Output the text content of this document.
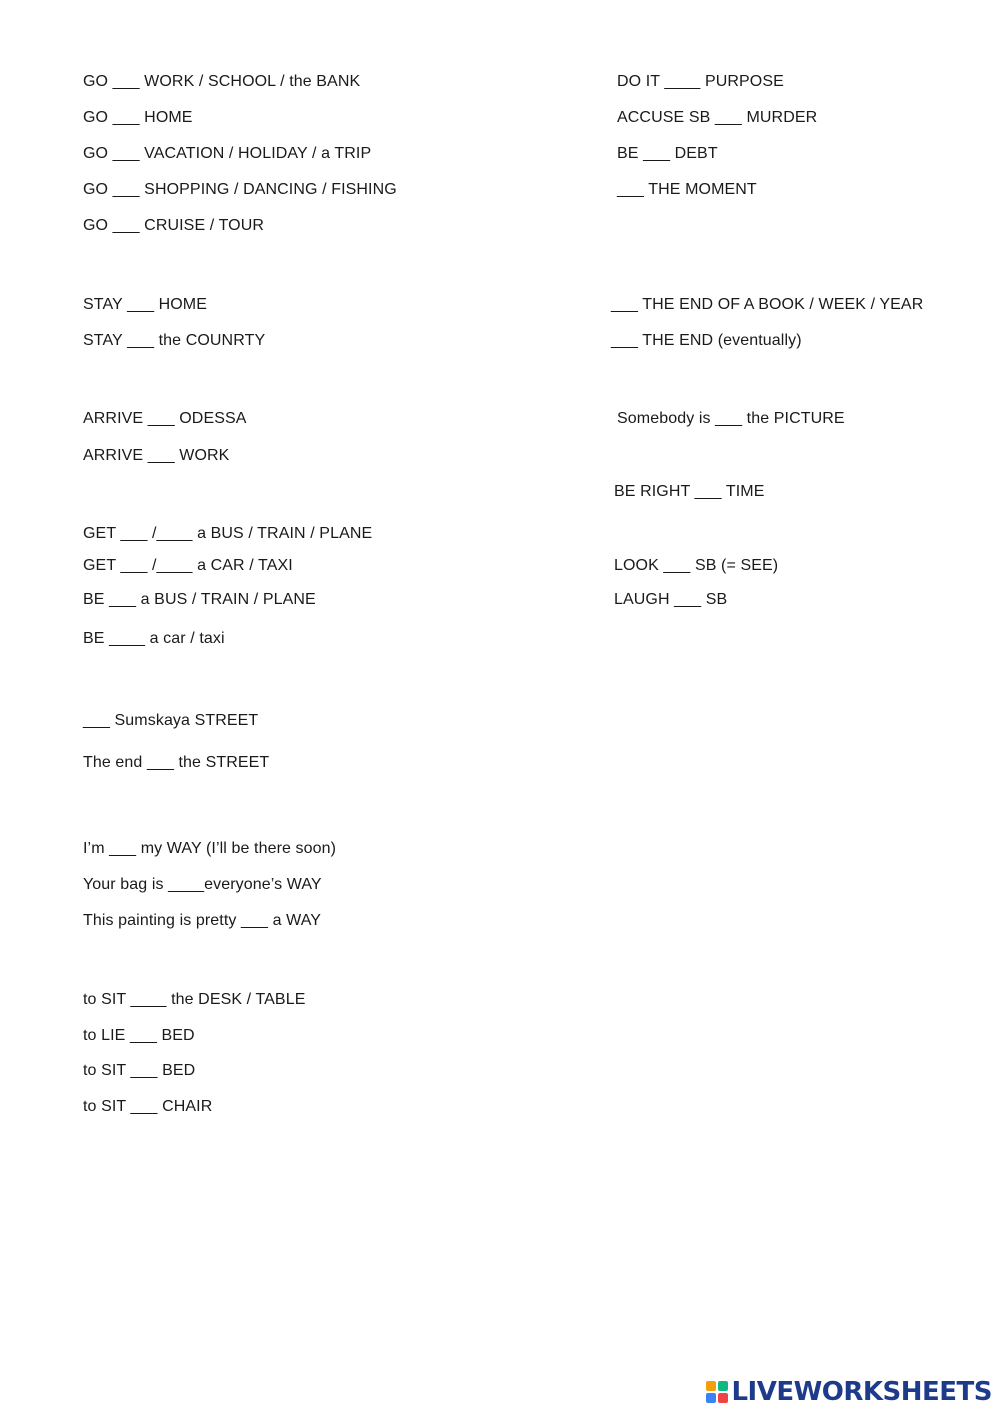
GO ___ WORK / SCHOOL / the BANK
GO ___ HOME
GO ___ VACATION / HOLIDAY / a TRIP
GO ___ SHOPPING / DANCING / FISHING
GO ___ CRUISE / TOUR
STAY ___ HOME
STAY ___ the COUNRTY
ARRIVE ___ ODESSA
ARRIVE ___ WORK
GET ___ /____ a BUS / TRAIN / PLANE
GET ___ /____ a CAR / TAXI
BE ___ a BUS / TRAIN / PLANE
BE ____ a car / taxi
___ Sumskaya STREET
The end ___ the STREET
I’m ___ my WAY (I’ll be there soon)
Your bag is ____everyone’s WAY
This painting is pretty ___ a WAY
to SIT ____ the DESK / TABLE
to LIE ___ BED
to SIT ___ BED
to SIT ___ CHAIR
DO IT ____ PURPOSE
ACCUSE SB ___ MURDER
BE ___ DEBT
___ THE MOMENT
___ THE END OF A BOOK / WEEK / YEAR
___ THE END (eventually)
Somebody is ___ the PICTURE
BE RIGHT ___ TIME
LOOK ___ SB (= SEE)
LAUGH ___ SB
LIVEWORKSHEETS
